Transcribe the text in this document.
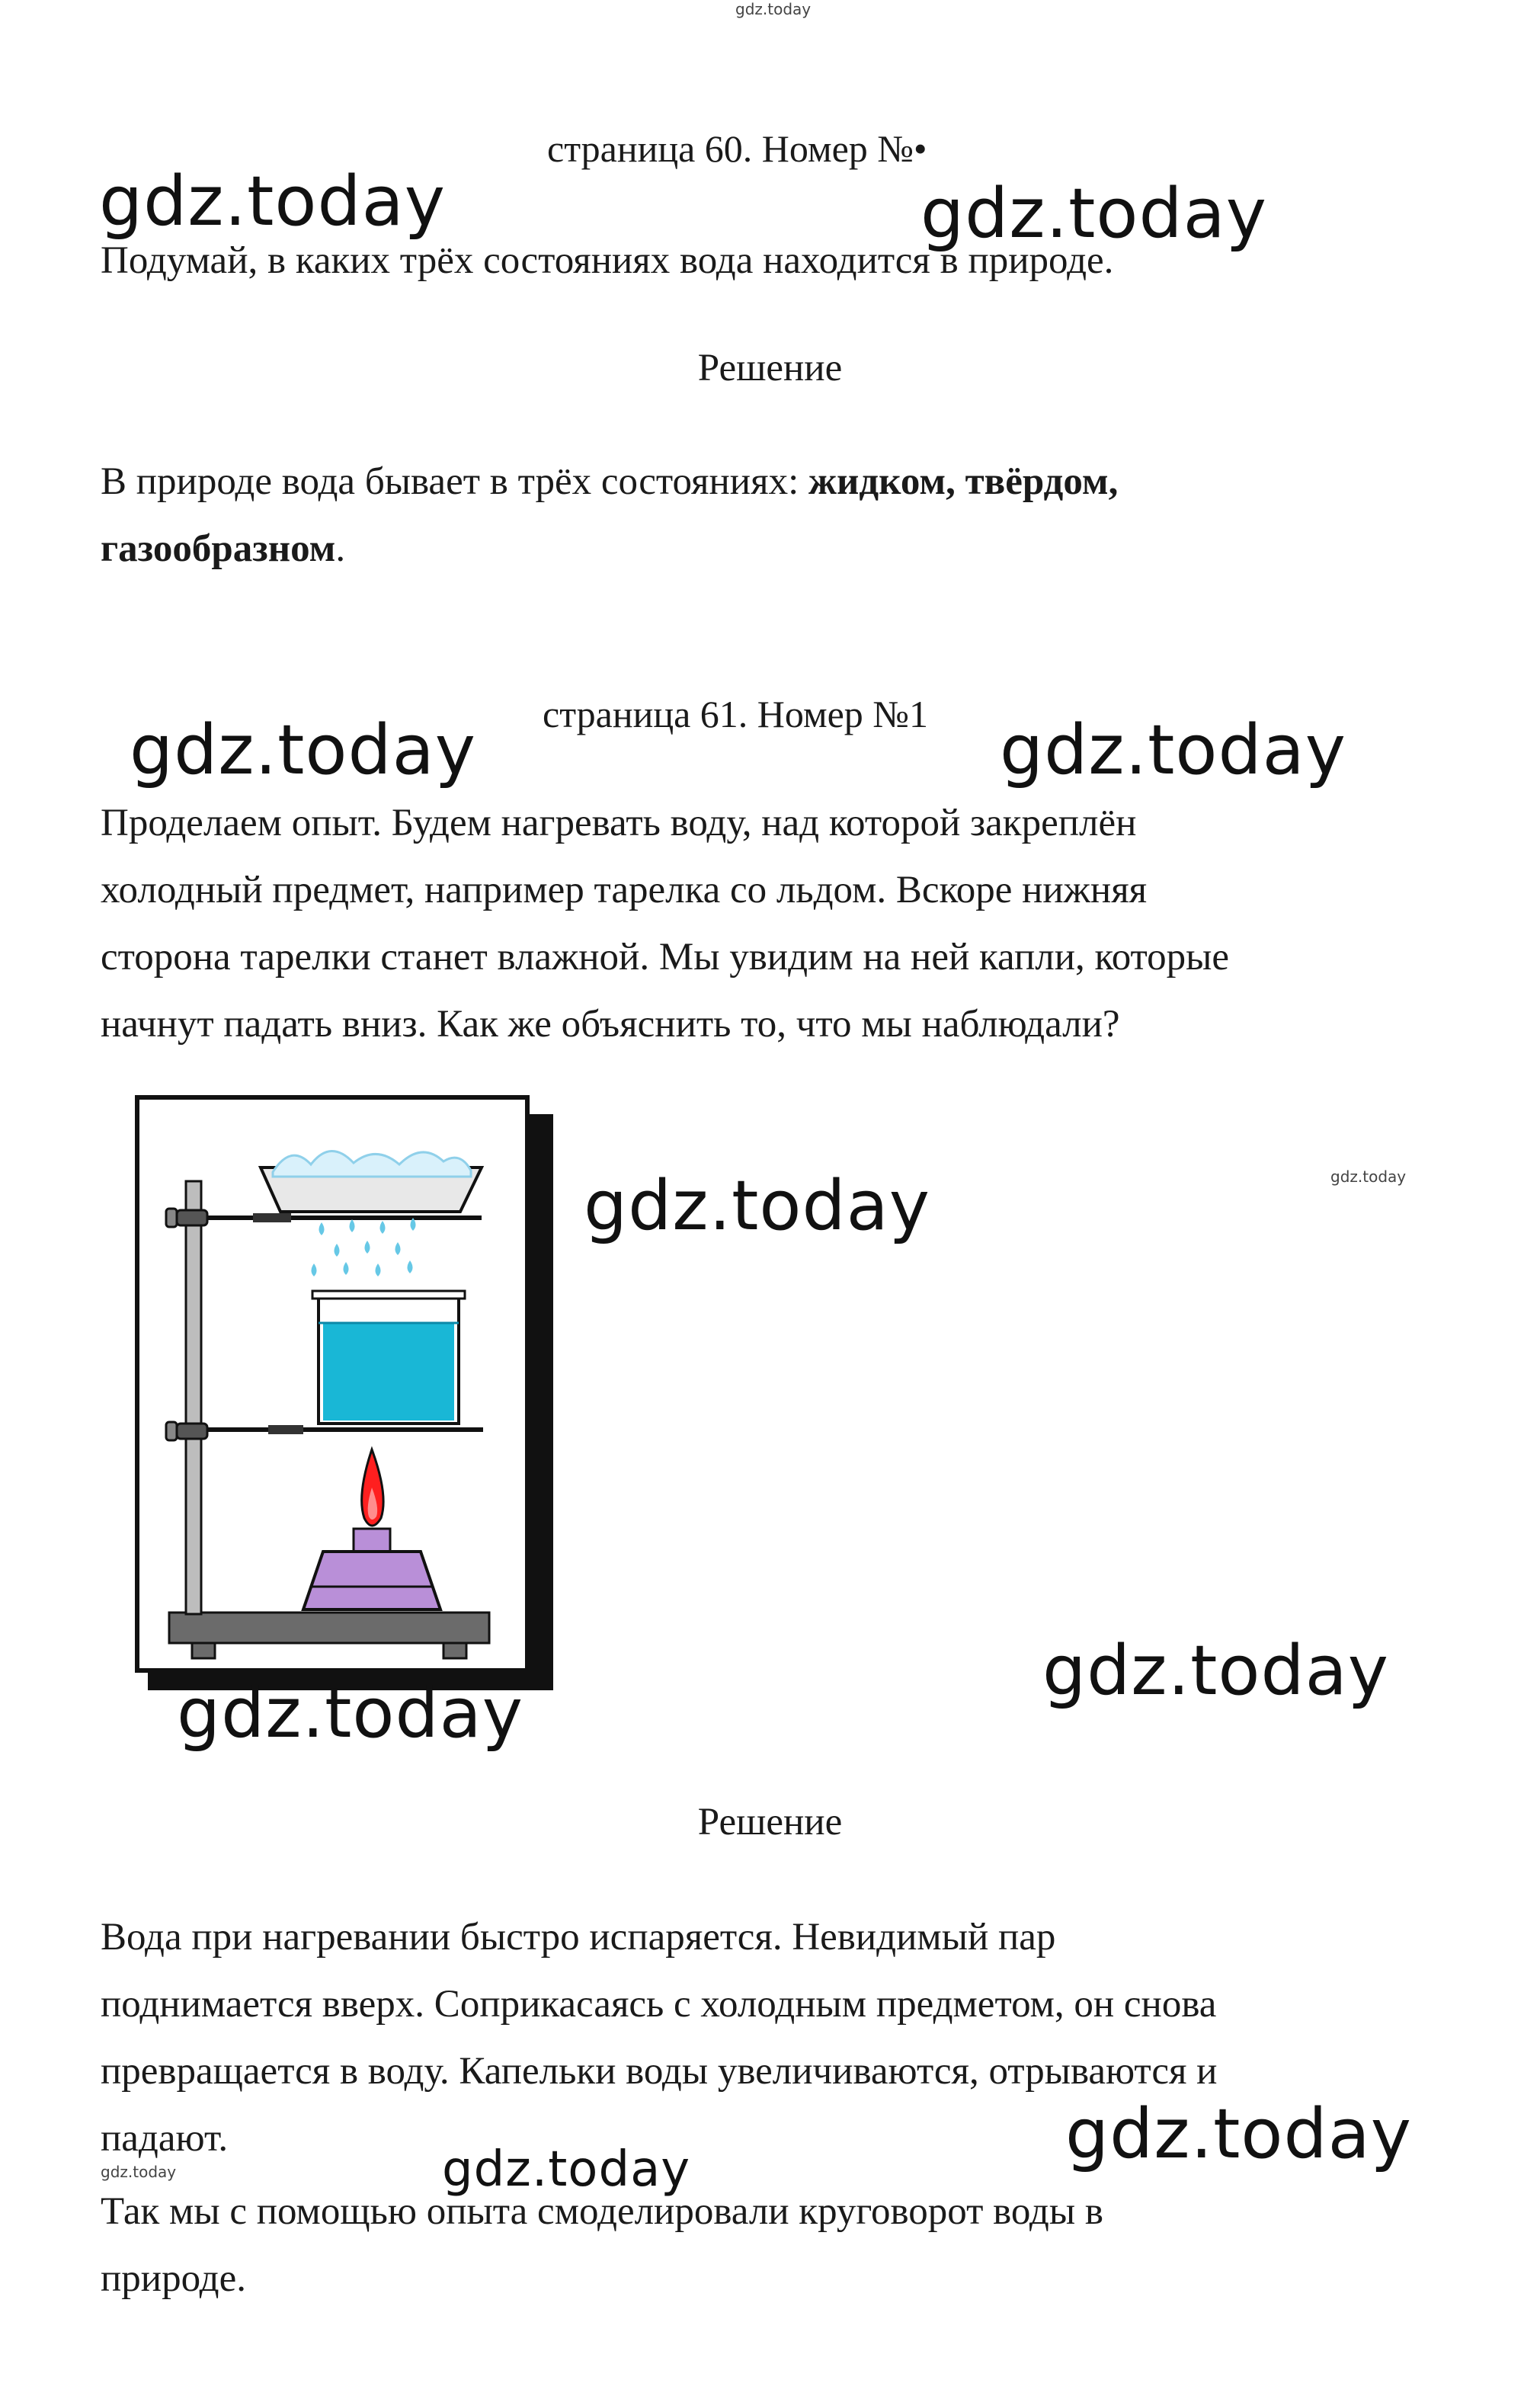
gdz.today
страница 60. Номер №•
gdz.today	gdz.today
Подумай, в каких трёх состояниях вода находится в природе.
Решение
В природе вода бывает в трёх состояниях: жидком, твёрдом,
газообразном.
страница 61. Номер №1
gdz.today	gdz.today
Проделаем опыт. Будем нагревать воду, над которой закреплён
холодный предмет, например тарелка со льдом. Вскоре нижняя
сторона тарелки станет влажной. Мы увидим на ней капли, которые
начнут падать вниз. Как же объяснить то, что мы наблюдали?
gdz.today
gdz.today
gdz.today
gdz.today
Решение
Вода при нагревании быстро испаряется. Невидимый пар
поднимается вверх. Соприкасаясь с холодным предметом, он снова
превращается в воду. Капельки воды увеличиваются, отрываются и
падают.	gdz.today
gdz.today	gdz.today
Так мы с помощью опыта смоделировали круговорот воды в
природе.
